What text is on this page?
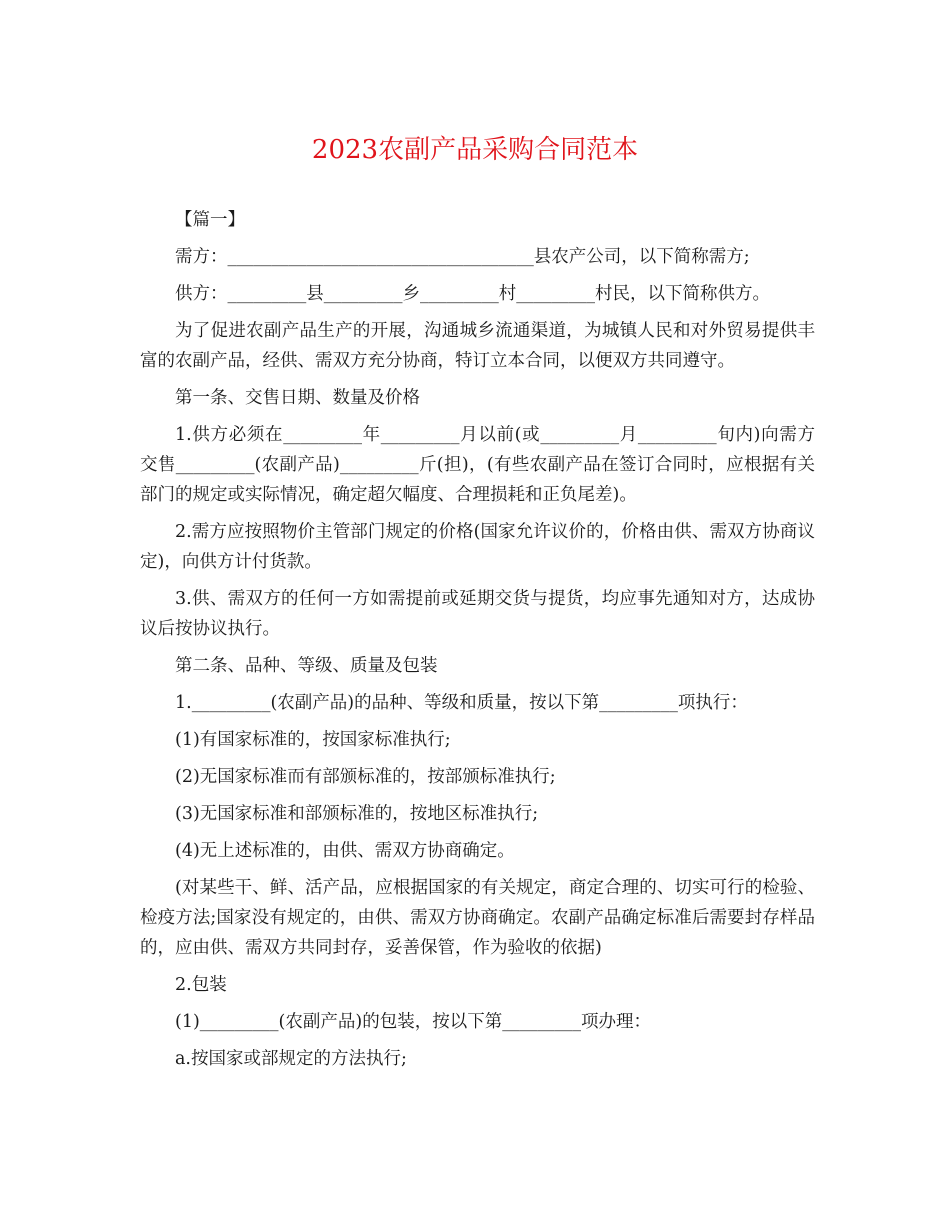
2023农副产品采购合同范本

【篇一】

需方：___________________________________县农产公司，以下简称需方;

供方：_________县_________乡_________村_________村民，以下简称供方。

为了促进农副产品生产的开展，沟通城乡流通渠道，为城镇人民和对外贸易提供丰富的农副产品，经供、需双方充分协商，特订立本合同，以便双方共同遵守。

第一条、交售日期、数量及价格

1.供方必须在_________年_________月以前(或_________月_________旬内)向需方交售_________(农副产品)_________斤(担)，(有些农副产品在签订合同时，应根据有关部门的规定或实际情况，确定超欠幅度、合理损耗和正负尾差)。

2.需方应按照物价主管部门规定的价格(国家允许议价的，价格由供、需双方协商议定)，向供方计付货款。

3.供、需双方的任何一方如需提前或延期交货与提货，均应事先通知对方，达成协议后按协议执行。

第二条、品种、等级、质量及包装

1._________(农副产品)的品种、等级和质量，按以下第_________项执行：

(1)有国家标准的，按国家标准执行;

(2)无国家标准而有部颁标准的，按部颁标准执行;

(3)无国家标准和部颁标准的，按地区标准执行;

(4)无上述标准的，由供、需双方协商确定。

(对某些干、鲜、活产品，应根据国家的有关规定，商定合理的、切实可行的检验、检疫方法;国家没有规定的，由供、需双方协商确定。农副产品确定标准后需要封存样品的，应由供、需双方共同封存，妥善保管，作为验收的依据)

2.包装

(1)_________(农副产品)的包装，按以下第_________项办理：

a.按国家或部规定的方法执行;
